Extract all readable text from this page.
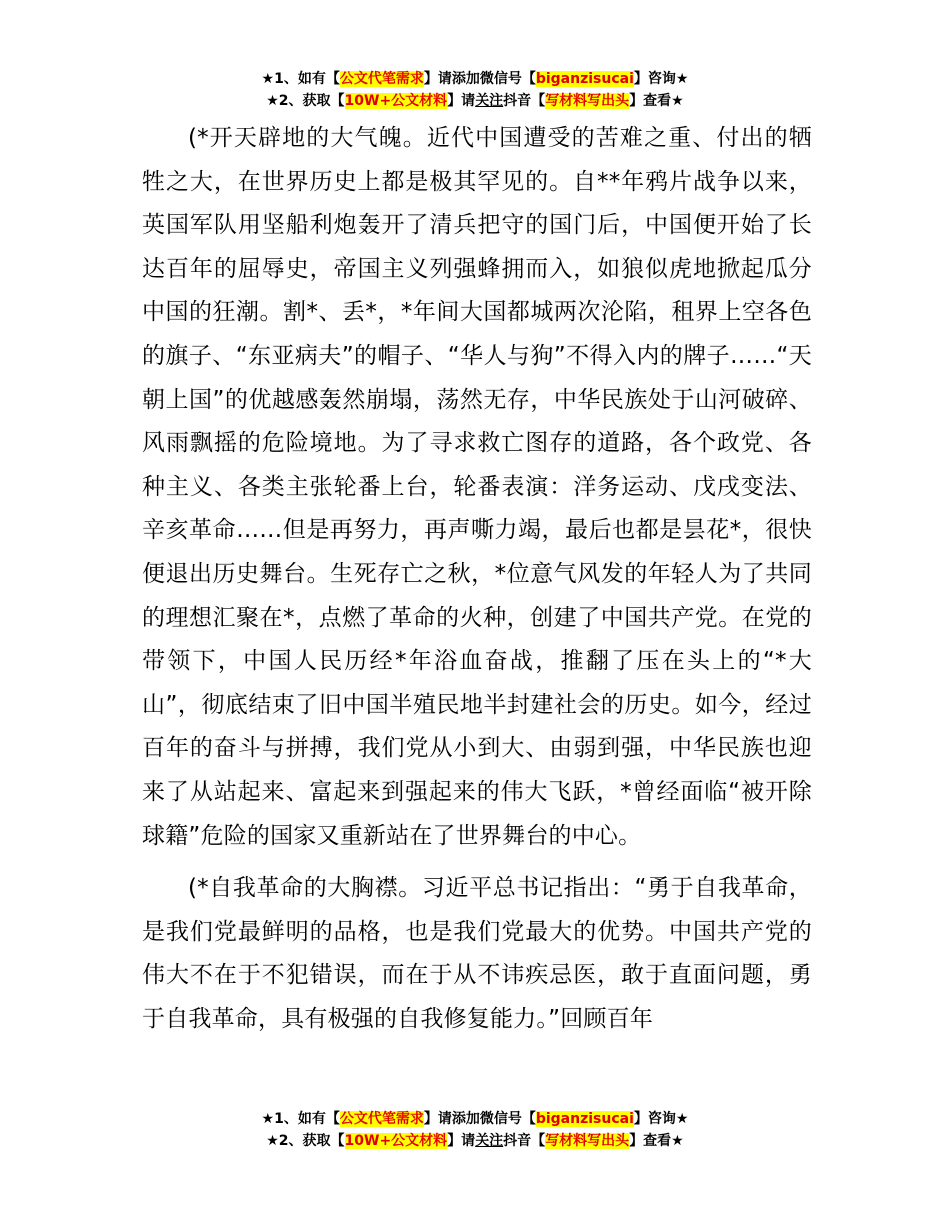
★1、如有【公文代笔需求】请添加微信号【biganzisucai】咨询★
★2、获取【10W+公文材料】请关注抖音【写材料写出头】查看★

(*开天辟地的大气魄。近代中国遭受的苦难之重、付出的牺牲之大，在世界历史上都是极其罕见的。自**年鸦片战争以来，英国军队用坚船利炮轰开了清兵把守的国门后，中国便开始了长达百年的屈辱史，帝国主义列强蜂拥而入，如狼似虎地掀起瓜分中国的狂潮。割*、丢*，*年间大国都城两次沦陷，租界上空各色的旗子、“东亚病夫”的帽子、“华人与狗”不得入内的牌子……“天朝上国”的优越感轰然崩塌，荡然无存，中华民族处于山河破碎、风雨飘摇的危险境地。为了寻求救亡图存的道路，各个政党、各种主义、各类主张轮番上台，轮番表演：洋务运动、戊戌变法、辛亥革命……但是再努力，再声嘶力竭，最后也都是昙花*，很快便退出历史舞台。生死存亡之秋，*位意气风发的年轻人为了共同的理想汇聚在*，点燃了革命的火种，创建了中国共产党。在党的带领下，中国人民历经*年浴血奋战，推翻了压在头上的“*大山”，彻底结束了旧中国半殖民地半封建社会的历史。如今，经过百年的奋斗与拼搏，我们党从小到大、由弱到强，中华民族也迎来了从站起来、富起来到强起来的伟大飞跃，*曾经面临“被开除球籍”危险的国家又重新站在了世界舞台的中心。

(*自我革命的大胸襟。习近平总书记指出：“勇于自我革命，是我们党最鲜明的品格，也是我们党最大的优势。中国共产党的伟大不在于不犯错误，而在于从不讳疾忌医，敢于直面问题，勇于自我革命，具有极强的自我修复能力。”回顾百年

★1、如有【公文代笔需求】请添加微信号【biganzisucai】咨询★
★2、获取【10W+公文材料】请关注抖音【写材料写出头】查看★
